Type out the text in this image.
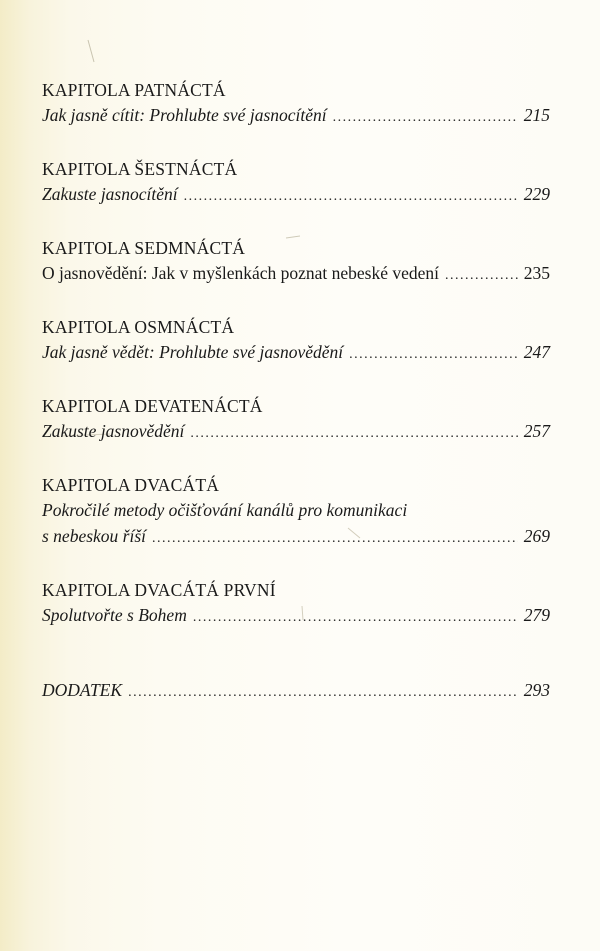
KAPITOLA PATNÁCTÁ
Jak jasně cítit: Prohlubte své jasnocítění .....	215
KAPITOLA ŠESTNÁCTÁ
Zakuste jasnocítění .....	229
KAPITOLA SEDMNÁCTÁ
O jasnovědění: Jak v myšlenkách poznat nebeské vedení .....	235
KAPITOLA OSMNÁCTÁ
Jak jasně vědět: Prohlubte své jasnovědění .....	247
KAPITOLA DEVATENÁCTÁ
Zakuste jasnovědění .....	257
KAPITOLA DVACÁTÁ
Pokročilé metody očišťování kanálů pro komunikaci
s nebeskou říší .....	269
KAPITOLA DVACÁTÁ PRVNÍ
Spolutvořte s Bohem .....	279
DODATEK .....	293
